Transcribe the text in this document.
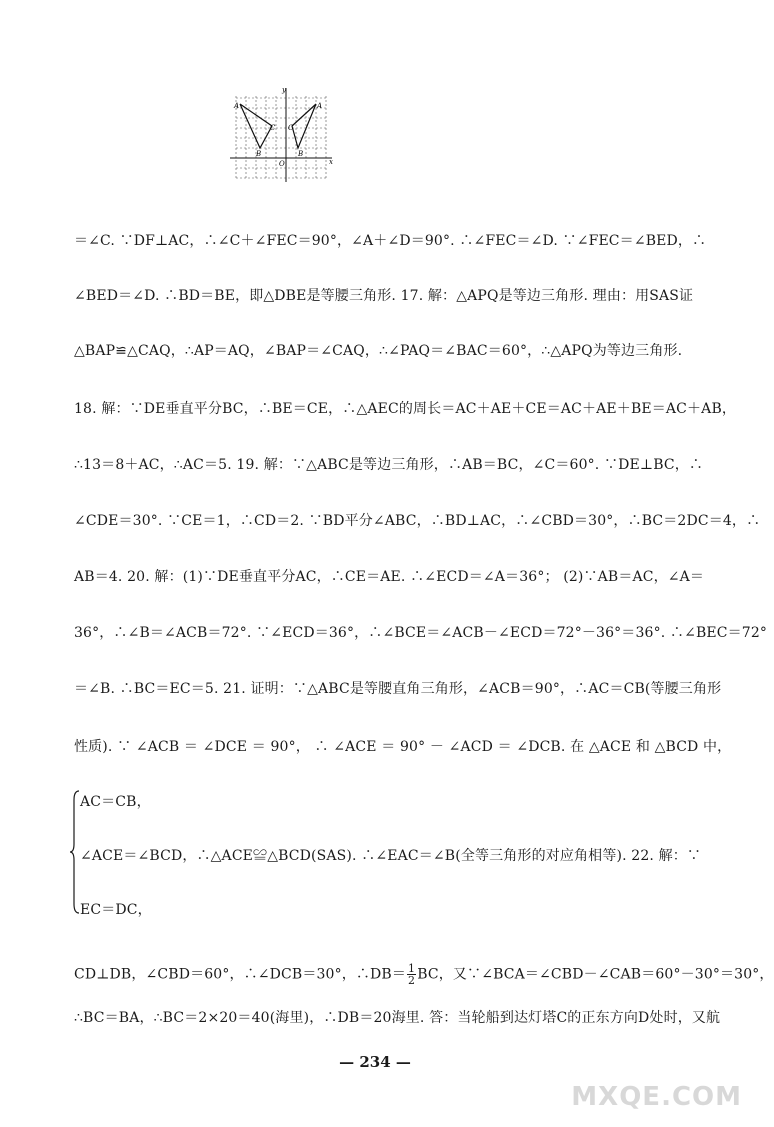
y
x
A	A
C C
B	B
O
＝∠C. ∵DF⊥AC，∴∠C＋∠FEC＝90°，∠A＋∠D＝90°. ∴∠FEC＝∠D. ∵∠FEC＝∠BED，∴
∠BED＝∠D. ∴BD＝BE，即△DBE是等腰三角形. 17. 解：△APQ是等边三角形. 理由：用SAS证
△BAP≌△CAQ，∴AP＝AQ，∠BAP＝∠CAQ，∴∠PAQ＝∠BAC＝60°，∴△APQ为等边三角形.
18. 解：∵DE垂直平分BC，∴BE＝CE，∴△AEC的周长＝AC＋AE＋CE＝AC＋AE＋BE＝AC＋AB，
∴13＝8＋AC，∴AC＝5. 19. 解：∵△ABC是等边三角形，∴AB＝BC，∠C＝60°. ∵DE⊥BC，∴
∠CDE＝30°. ∵CE＝1，∴CD＝2. ∵BD平分∠ABC，∴BD⊥AC，∴∠CBD＝30°，∴BC＝2DC＝4，∴
AB＝4. 20. 解：(1)∵DE垂直平分AC，∴CE＝AE. ∴∠ECD＝∠A＝36°； (2)∵AB＝AC，∠A＝
36°，∴∠B＝∠ACB＝72°. ∵∠ECD＝36°，∴∠BCE＝∠ACB－∠ECD＝72°－36°＝36°. ∴∠BEC＝72°
＝∠B. ∴BC＝EC＝5. 21. 证明：∵△ABC是等腰直角三角形，∠ACB＝90°，∴AC＝CB(等腰三角形
性质). ∵ ∠ACB ＝ ∠DCE ＝ 90°， ∴ ∠ACE ＝ 90° － ∠ACD ＝ ∠DCB. 在 △ACE 和 △BCD 中，
AC＝CB，
∠ACE＝∠BCD，∴△ACE≌△BCD(SAS). ∴∠EAC＝∠B(全等三角形的对应角相等). 22. 解：∵
EC＝DC，
CD⊥DB，∠CBD＝60°，∴∠DCB＝30°，∴DB＝ $\frac{1}{2}$ BC，又∵∠BCA＝∠CBD－∠CAB＝60°－30°＝30°，
∴BC＝BA，∴BC＝2×20＝40(海里)，∴DB＝20海里. 答：当轮船到达灯塔C的正东方向D处时，又航
— 234 —
MXQE.COM
